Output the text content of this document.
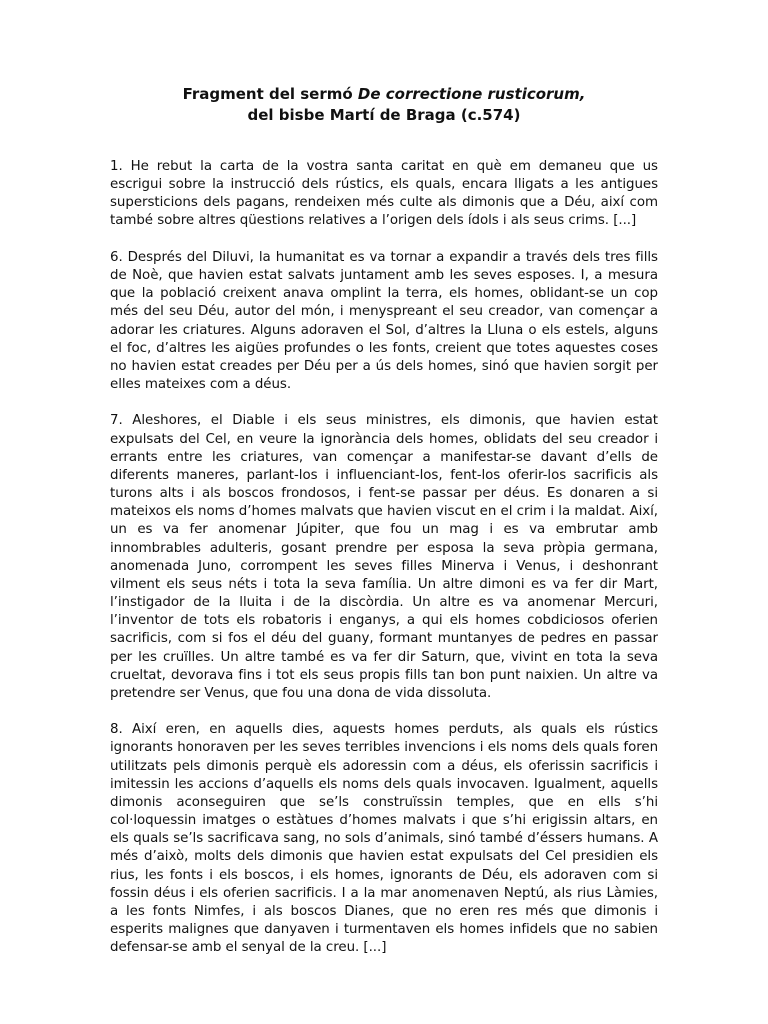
Fragment del sermó De correctione rusticorum,
del bisbe Martí de Braga (c.574)

1. He rebut la carta de la vostra santa caritat en què em demaneu que us escrigui sobre la instrucció dels rústics, els quals, encara lligats a les antigues supersticions dels pagans, rendeixen més culte als dimonis que a Déu, així com també sobre altres qüestions relatives a l’origen dels ídols i als seus crims. [...]

6. Després del Diluvi, la humanitat es va tornar a expandir a través dels tres fills de Noè, que havien estat salvats juntament amb les seves esposes. I, a mesura que la població creixent anava omplint la terra, els homes, oblidant-se un cop més del seu Déu, autor del món, i menyspreant el seu creador, van començar a adorar les criatures. Alguns adoraven el Sol, d’altres la Lluna o els estels, alguns el foc, d’altres les aigües profundes o les fonts, creient que totes aquestes coses no havien estat creades per Déu per a ús dels homes, sinó que havien sorgit per elles mateixes com a déus.

7. Aleshores, el Diable i els seus ministres, els dimonis, que havien estat expulsats del Cel, en veure la ignorància dels homes, oblidats del seu creador i errants entre les criatures, van començar a manifestar-se davant d’ells de diferents maneres, parlant-los i influenciant-los, fent-los oferir-los sacrificis als turons alts i als boscos frondosos, i fent-se passar per déus. Es donaren a si mateixos els noms d’homes malvats que havien viscut en el crim i la maldat. Així, un es va fer anomenar Júpiter, que fou un mag i es va embrutar amb innombrables adulteris, gosant prendre per esposa la seva pròpia germana, anomenada Juno, corrompent les seves filles Minerva i Venus, i deshonrant vilment els seus néts i tota la seva família. Un altre dimoni es va fer dir Mart, l’instigador de la lluita i de la discòrdia. Un altre es va anomenar Mercuri, l’inventor de tots els robatoris i enganys, a qui els homes cobdiciosos oferien sacrificis, com si fos el déu del guany, formant muntanyes de pedres en passar per les cruïlles. Un altre també es va fer dir Saturn, que, vivint en tota la seva crueltat, devorava fins i tot els seus propis fills tan bon punt naixien. Un altre va pretendre ser Venus, que fou una dona de vida dissoluta.

8. Així eren, en aquells dies, aquests homes perduts, als quals els rústics ignorants honoraven per les seves terribles invencions i els noms dels quals foren utilitzats pels dimonis perquè els adoressin com a déus, els oferissin sacrificis i imitessin les accions d’aquells els noms dels quals invocaven. Igualment, aquells dimonis aconseguiren que se’ls construïssin temples, que en ells s’hi col·loquessin imatges o estàtues d’homes malvats i que s’hi erigissin altars, en els quals se’ls sacrificava sang, no sols d’animals, sinó també d’éssers humans. A més d’això, molts dels dimonis que havien estat expulsats del Cel presidien els rius, les fonts i els boscos, i els homes, ignorants de Déu, els adoraven com si fossin déus i els oferien sacrificis. I a la mar anomenaven Neptú, als rius Làmies, a les fonts Nimfes, i als boscos Dianes, que no eren res més que dimonis i esperits malignes que danyaven i turmentaven els homes infidels que no sabien defensar-se amb el senyal de la creu. [...]
